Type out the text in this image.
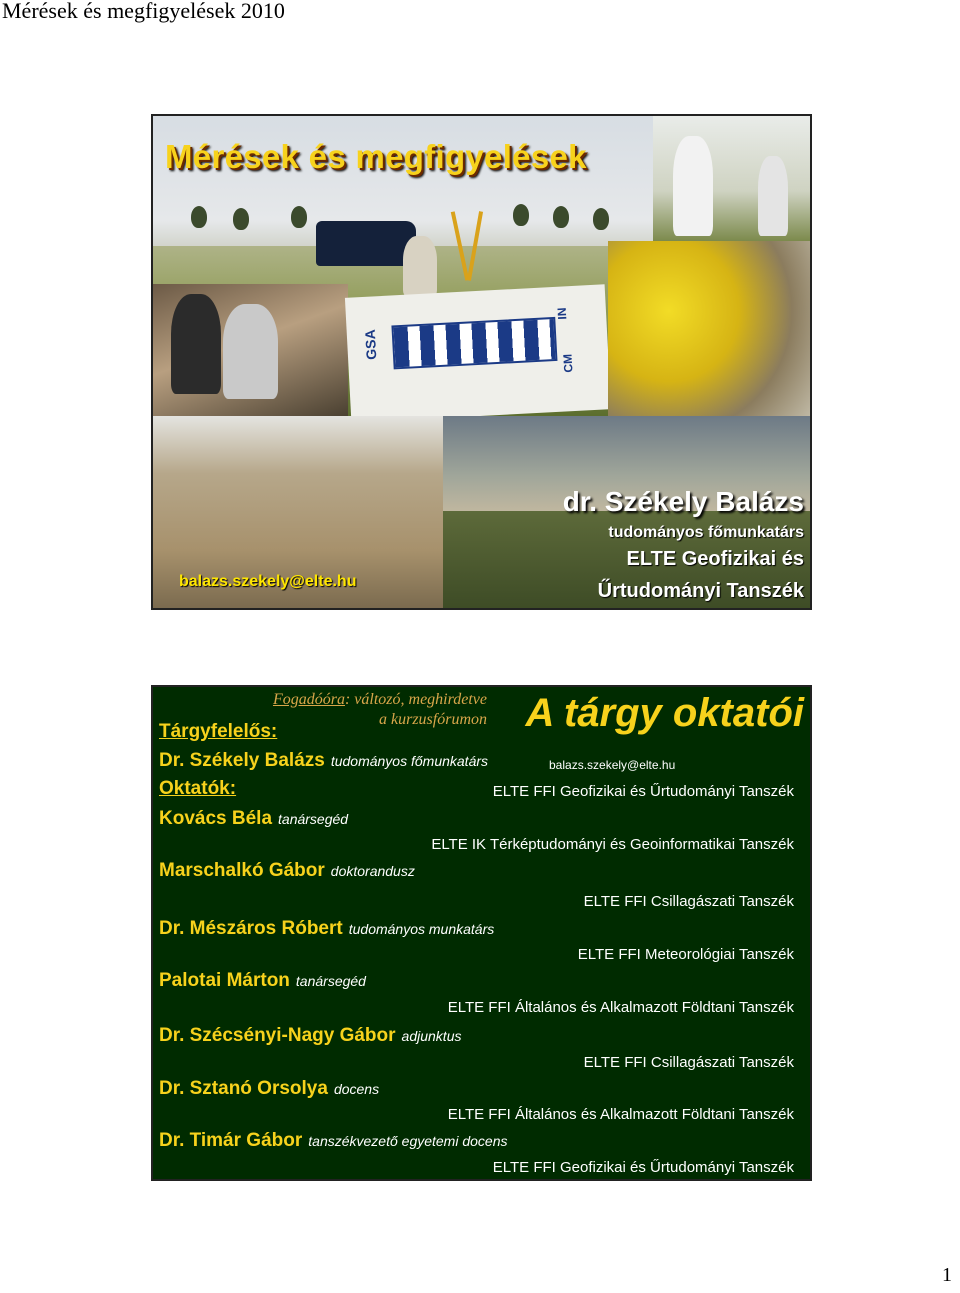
Mérések és megfigyelések 2010
GSA
CM
IN
Mérések és megfigyelések
balazs.szekely@elte.hu
dr. Székely Balázs
tudományos főmunkatárs
ELTE Geofizikai és
Űrtudományi Tanszék
Fogadóóra: változó, meghirdetve
a kurzusfórumon A tárgy oktatói
Tárgyfelelős:
Dr. Székely Balázs tudományos főmunkatárs	balazs.szekely@elte.hu
Oktatók:	ELTE FFI Geofizikai és Űrtudományi Tanszék
Kovács Béla tanársegéd
ELTE IK Térképtudományi és Geoinformatikai Tanszék
Marschalkó Gábor doktorandusz
ELTE FFI Csillagászati Tanszék
Dr. Mészáros Róbert tudományos munkatárs
ELTE FFI Meteorológiai Tanszék
Palotai Márton tanársegéd
ELTE FFI Általános és Alkalmazott Földtani Tanszék
Dr. Szécsényi-Nagy Gábor adjunktus
ELTE FFI Csillagászati Tanszék
Dr. Sztanó Orsolya docens
ELTE FFI Általános és Alkalmazott Földtani Tanszék
Dr. Timár Gábor tanszékvezető egyetemi docens
ELTE FFI Geofizikai és Űrtudományi Tanszék
1
